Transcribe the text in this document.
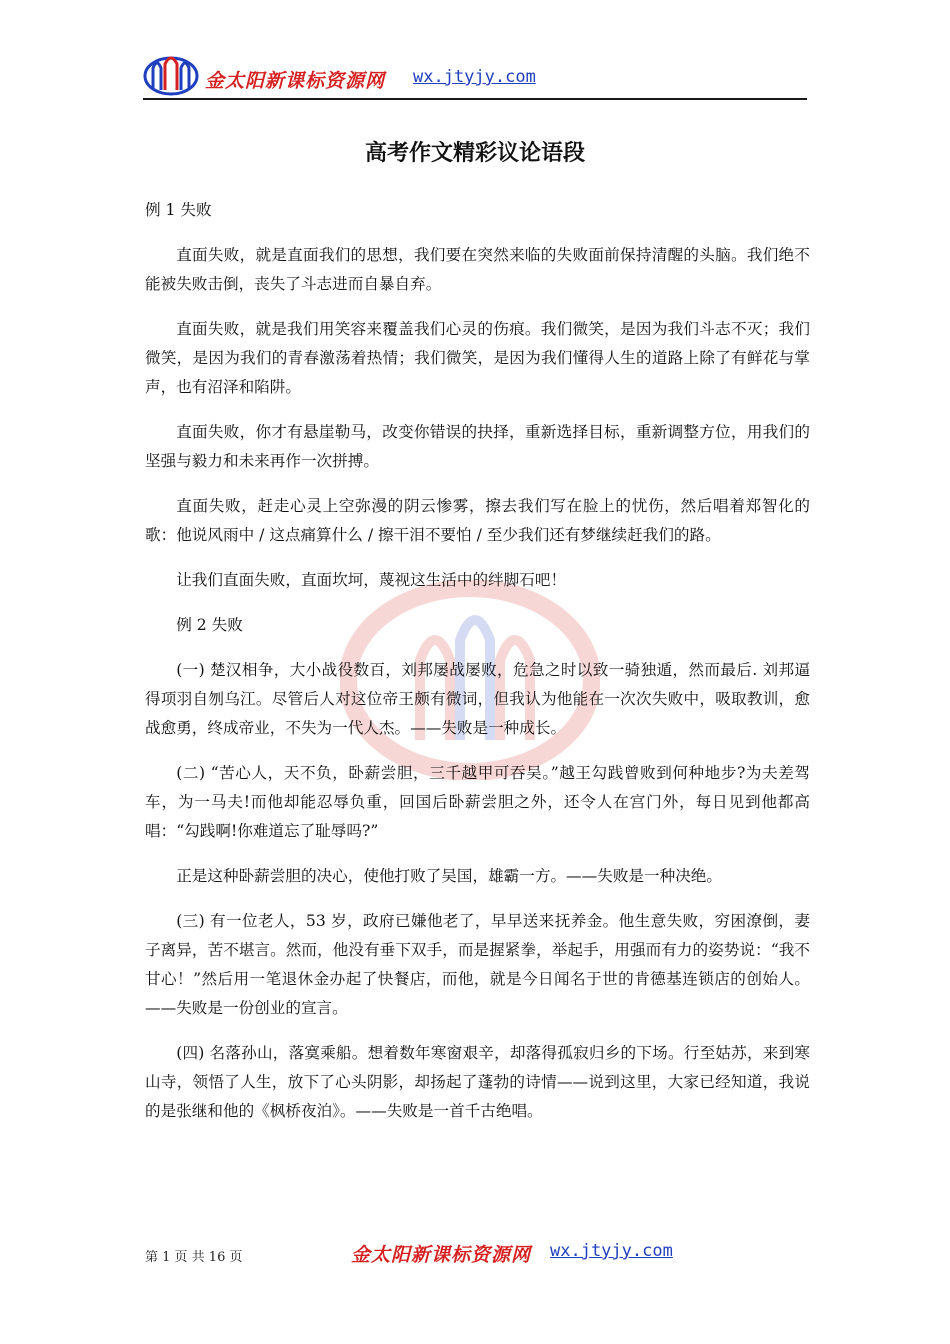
金太阳新课标资源网 wx.jtyjy.com
高考作文精彩议论语段

例 1 失败

直面失败，就是直面我们的思想，我们要在突然来临的失败面前保持清醒的头脑。我们绝不能被失败击倒，丧失了斗志进而自暴自弃。

直面失败，就是我们用笑容来覆盖我们心灵的伤痕。我们微笑，是因为我们斗志不灭；我们微笑，是因为我们的青春激荡着热情；我们微笑，是因为我们懂得人生的道路上除了有鲜花与掌声，也有沼泽和陷阱。

直面失败，你才有悬崖勒马，改变你错误的抉择，重新选择目标，重新调整方位，用我们的坚强与毅力和未来再作一次拼搏。

直面失败，赶走心灵上空弥漫的阴云惨雾，擦去我们写在脸上的忧伤，然后唱着郑智化的歌：他说风雨中 / 这点痛算什么 / 擦干泪不要怕 / 至少我们还有梦继续赶我们的路。

让我们直面失败，直面坎坷，蔑视这生活中的绊脚石吧！

例 2 失败

(一) 楚汉相争，大小战役数百，刘邦屡战屡败，危急之时以致一骑独遁，然而最后. 刘邦逼得项羽自刎乌江。尽管后人对这位帝王颇有微词，但我认为他能在一次次失败中，吸取教训，愈战愈勇，终成帝业，不失为一代人杰。——失败是一种成长。

(二) “苦心人，天不负，卧薪尝胆，三千越甲可吞吴。”越王勾践曾败到何种地步?为夫差驾车，为一马夫!而他却能忍辱负重，回国后卧薪尝胆之外，还令人在宫门外，每日见到他都高唱：“勾践啊!你难道忘了耻辱吗?”

正是这种卧薪尝胆的决心，使他打败了吴国，雄霸一方。——失败是一种决绝。

(三) 有一位老人，53 岁，政府已嫌他老了，早早送来抚养金。他生意失败，穷困潦倒，妻子离异，苦不堪言。然而，他没有垂下双手，而是握紧拳，举起手，用强而有力的姿势说：“我不甘心！”然后用一笔退休金办起了快餐店，而他，就是今日闻名于世的肯德基连锁店的创始人。——失败是一份创业的宣言。

(四) 名落孙山，落寞乘船。想着数年寒窗艰辛，却落得孤寂归乡的下场。行至姑苏，来到寒山寺，领悟了人生，放下了心头阴影，却扬起了蓬勃的诗情——说到这里，大家已经知道，我说的是张继和他的《枫桥夜泊》。——失败是一首千古绝唱。

第 1 页 共 16 页	金太阳新课标资源网 wx.jtyjy.com
